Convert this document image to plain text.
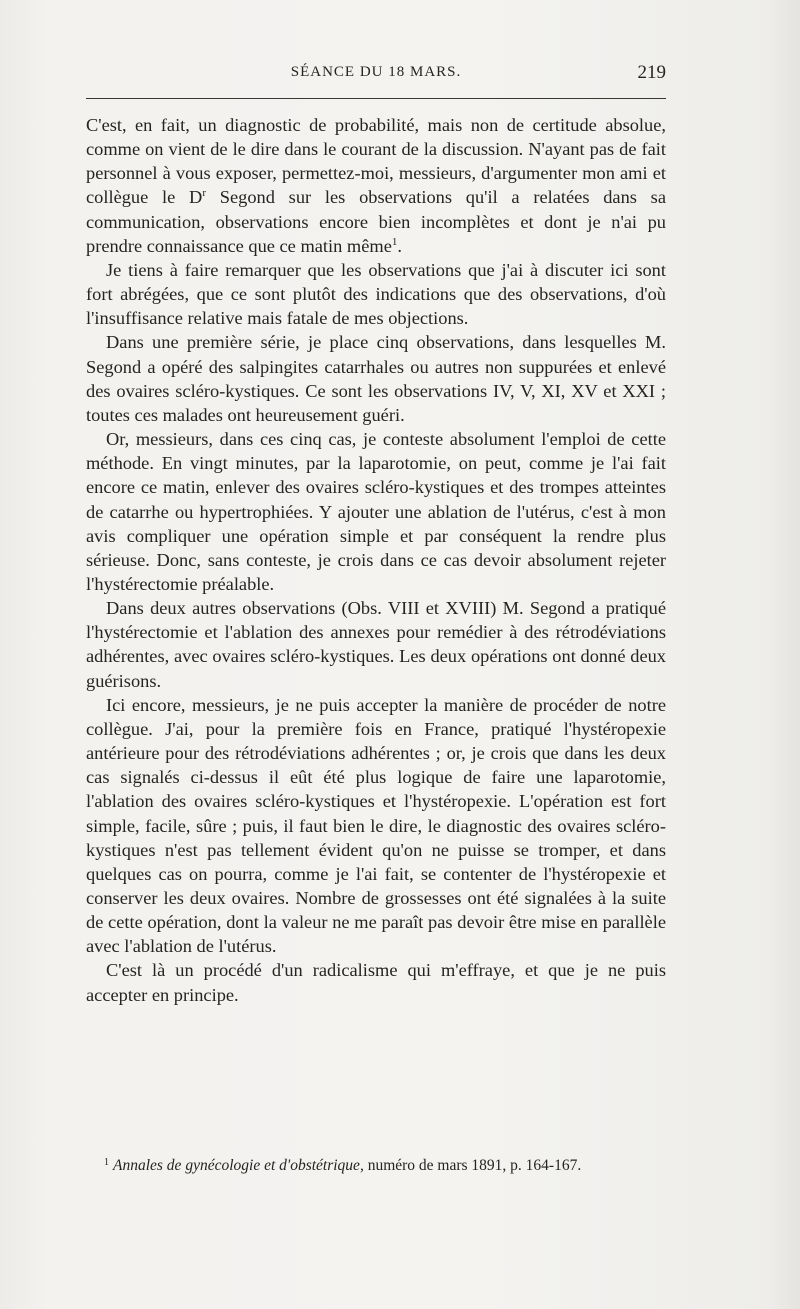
SÉANCE DU 18 MARS.	219

C'est, en fait, un diagnostic de probabilité, mais non de certitude absolue, comme on vient de le dire dans le courant de la discussion. N'ayant pas de fait personnel à vous exposer, permettez-moi, messieurs, d'argumenter mon ami et collègue le $D^r$ Segond sur les observations qu'il a relatées dans sa communication, observations encore bien incomplètes et dont je n'ai pu prendre connaissance que ce matin même$^1$.

Je tiens à faire remarquer que les observations que j'ai à discuter ici sont fort abrégées, que ce sont plutôt des indications que des observations, d'où l'insuffisance relative mais fatale de mes objections.

Dans une première série, je place cinq observations, dans lesquelles M. Segond a opéré des salpingites catarrhales ou autres non suppurées et enlevé des ovaires scléro-kystiques. Ce sont les observations IV, V, XI, XV et XXI ; toutes ces malades ont heureusement guéri.

Or, messieurs, dans ces cinq cas, je conteste absolument l'emploi de cette méthode. En vingt minutes, par la laparotomie, on peut, comme je l'ai fait encore ce matin, enlever des ovaires scléro-kystiques et des trompes atteintes de catarrhe ou hypertrophiées. Y ajouter une ablation de l'utérus, c'est à mon avis compliquer une opération simple et par conséquent la rendre plus sérieuse. Donc, sans conteste, je crois dans ce cas devoir absolument rejeter l'hystérectomie préalable.

Dans deux autres observations (Obs. VIII et XVIII) M. Segond a pratiqué l'hystérectomie et l'ablation des annexes pour remédier à des rétrodéviations adhérentes, avec ovaires scléro-kystiques. Les deux opérations ont donné deux guérisons.

Ici encore, messieurs, je ne puis accepter la manière de procéder de notre collègue. J'ai, pour la première fois en France, pratiqué l'hystéropexie antérieure pour des rétrodéviations adhérentes ; or, je crois que dans les deux cas signalés ci-dessus il eût été plus logique de faire une laparotomie, l'ablation des ovaires scléro-kystiques et l'hystéropexie. L'opération est fort simple, facile, sûre ; puis, il faut bien le dire, le diagnostic des ovaires scléro-kystiques n'est pas tellement évident qu'on ne puisse se tromper, et dans quelques cas on pourra, comme je l'ai fait, se contenter de l'hystéropexie et conserver les deux ovaires. Nombre de grossesses ont été signalées à la suite de cette opération, dont la valeur ne me paraît pas devoir être mise en parallèle avec l'ablation de l'utérus.

C'est là un procédé d'un radicalisme qui m'effraye, et que je ne puis accepter en principe.

$^1$ Annales de gynécologie et d'obstétrique, numéro de mars 1891, p. 164-167.
